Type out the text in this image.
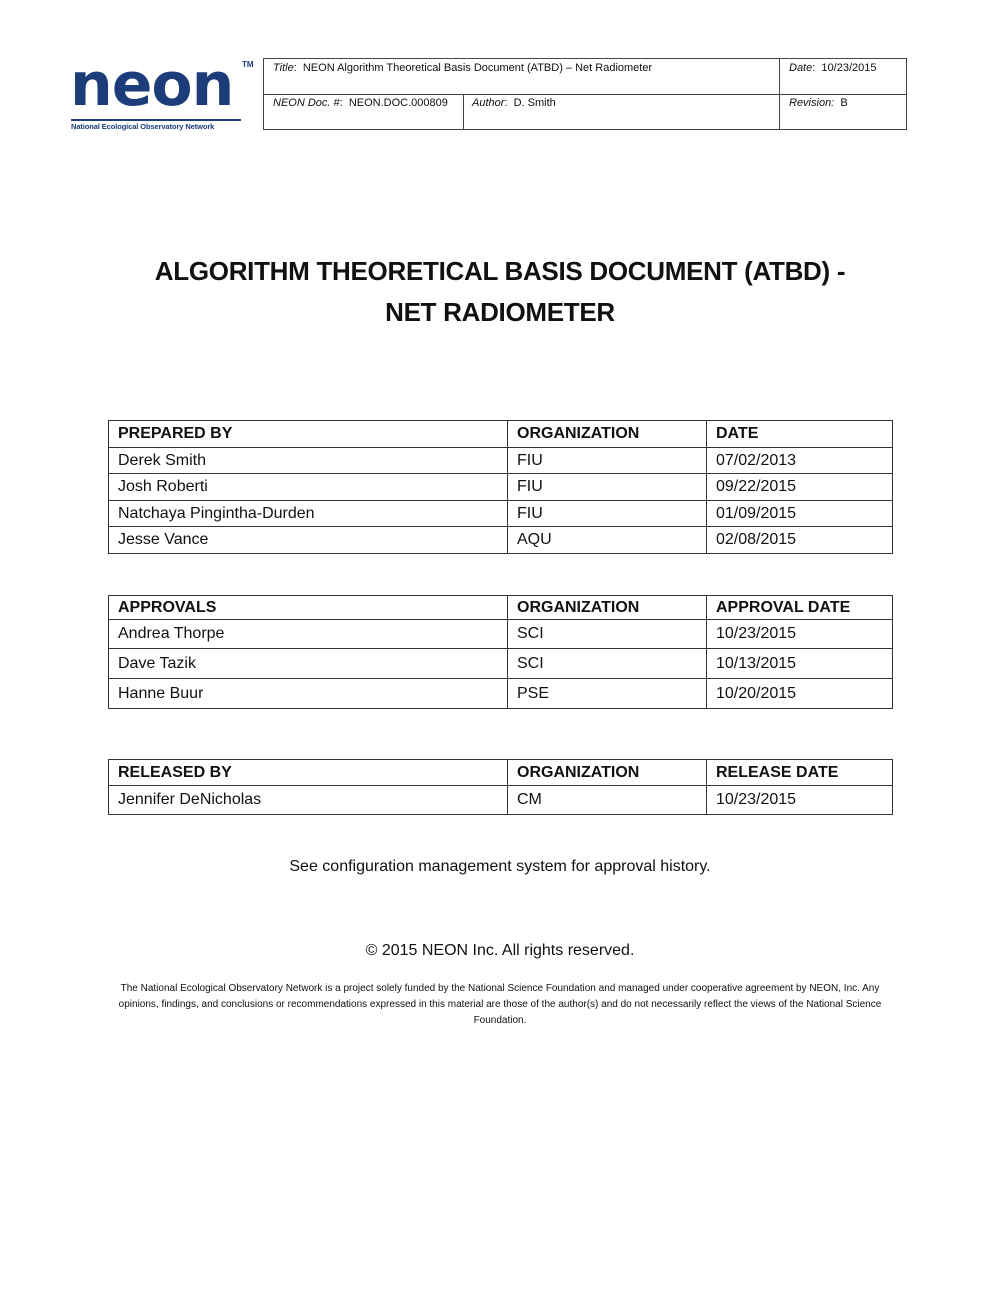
neon TM
National Ecological Observatory Network
Title:  NEON Algorithm Theoretical Basis Document (ATBD) – Net Radiometer	Date:  10/23/2015
NEON Doc. #:  NEON.DOC.000809	Author:  D. Smith	Revision: B
ALGORITHM THEORETICAL BASIS DOCUMENT (ATBD) -
NET RADIOMETER
PREPARED BY	ORGANIZATION	DATE
Derek Smith	FIU	07/02/2013
Josh Roberti	FIU	09/22/2015
Natchaya Pingintha-Durden	FIU	01/09/2015
Jesse Vance	AQU	02/08/2015
APPROVALS	ORGANIZATION	APPROVAL DATE
Andrea Thorpe	SCI	10/23/2015
Dave Tazik	SCI	10/13/2015
Hanne Buur	PSE	10/20/2015
RELEASED BY	ORGANIZATION	RELEASE DATE
Jennifer DeNicholas	CM	10/23/2015
See configuration management system for approval history.
© 2015 NEON Inc. All rights reserved.
The National Ecological Observatory Network is a project solely funded by the National Science Foundation and managed under cooperative agreement by NEON, Inc. Any opinions, findings, and conclusions or recommendations expressed in this material are those of the author(s) and do not necessarily reflect the views of the National Science Foundation.
